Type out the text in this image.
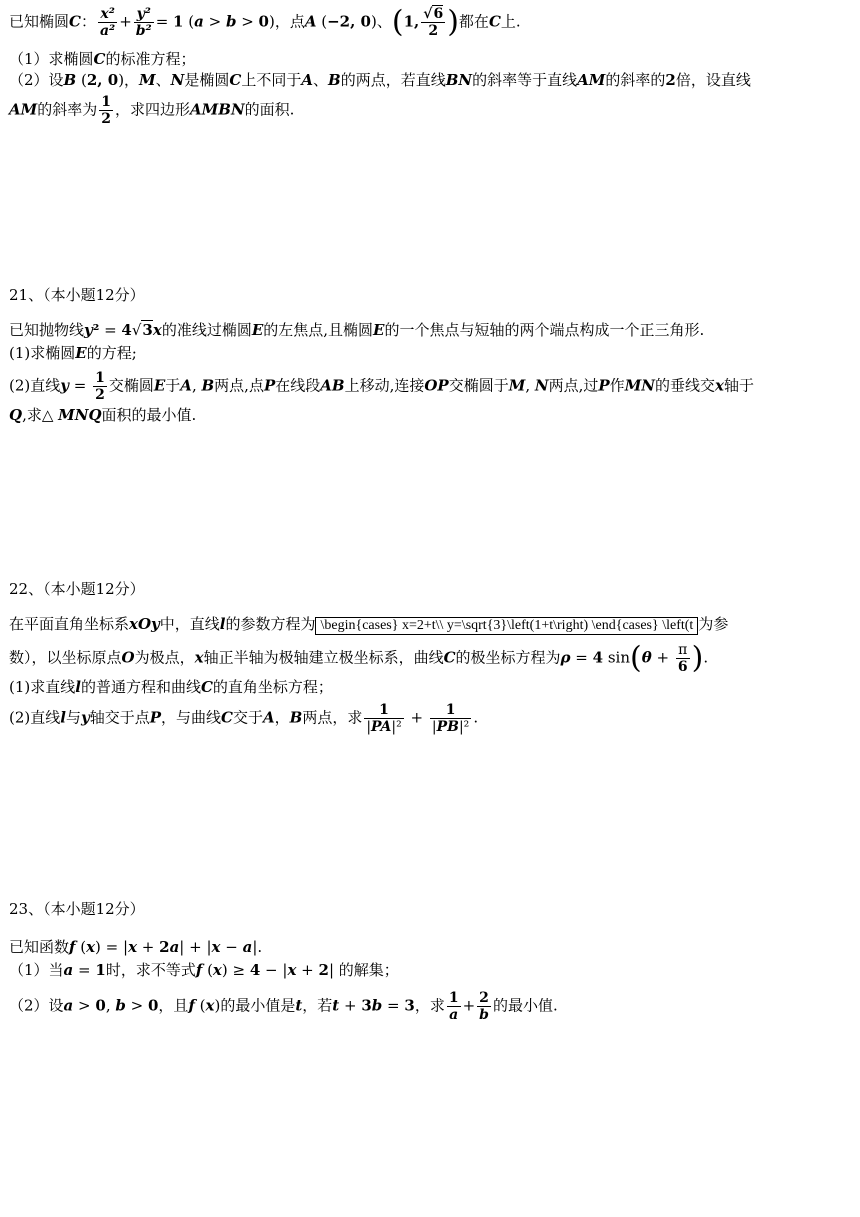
已知椭圆C： $\frac{\text{x²}}{\text{a²}} + \frac{\text{y²}}{\text{b²}} = 1$ (a > b > 0)，点A (−2, 0)、(1, $\frac{√6}{2}$ )都在C上.
（1）求椭圆C的标准方程；
（2）设B (2, 0)，M、N是椭圆C上不同于A、B的两点，若直线BN的斜率等于直线AM的斜率的2倍，设直线
AM的斜率为 $\frac{1}{2}$ ，求四边形AMBN的面积.
21、（本小题12分）
已知抛物线y² = 4√3x的准线过椭圆E的左焦点,且椭圆E的一个焦点与短轴的两个端点构成一个正三角形.
(1)求椭圆E的方程;
(2)直线$y = \frac{1}{2}$ 交椭圆E于A, B两点,点P在线段AB上移动,连接OP交椭圆于M, N两点,过P作MN的垂线交x轴于
Q,求△ MNQ面积的最小值.
22、（本小题12分）
在平面直角坐标系xOy中，直线l的参数方程为 \begin{cases} x=2+t\\ y=\sqrt{3}\left(1+t\right) \end{cases} \left(t 为参
数），以坐标原点O为极点，x轴正半轴为极轴建立极坐标系，曲线C的极坐标方程为ρ = 4 $\sin(\theta + \frac{\pi}{6}$ ).
(1)求直线l的普通方程和曲线C的直角坐标方程；
(2)直线l与y轴交于点P，与曲线C交于A，B两点，求 $\frac{1}{\text{|PA|²}} + \frac{1}{\text{|PB|²}}$ .
23、（本小题12分）
已知函数f (x) = |x + 2a| + |x − a|.
（1）当a = 1时，求不等式f (x) ≥ 4 − |x + 2| 的解集；
（2）设a > 0, b > 0，且f (x)的最小值是t，若t + 3b = 3，求 $\frac{1}{a} + \frac{2}{b}$ 的最小值.
